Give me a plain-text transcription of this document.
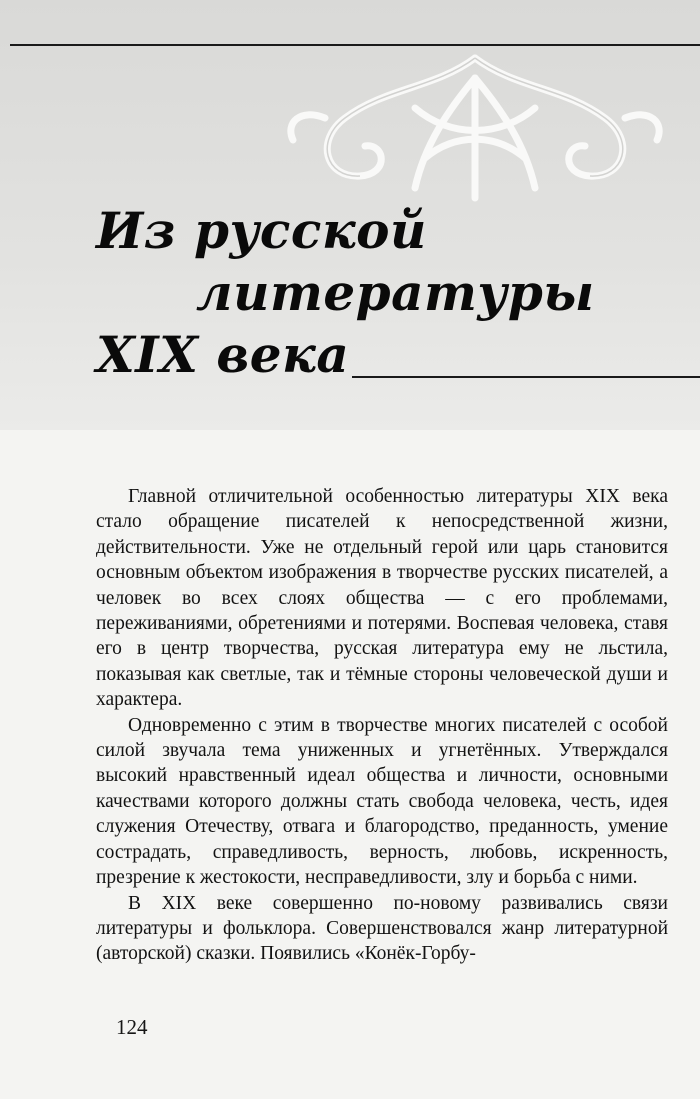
Из русской
литературы
XIX века

Главной отличительной особенностью литературы XIX века стало обращение писателей к непосредственной жизни, действительности. Уже не отдельный герой или царь становится основным объектом изображения в творчестве русских писателей, а человек во всех слоях общества — с его проблемами, переживаниями, обретениями и потерями. Воспевая человека, ставя его в центр творчества, русская литература ему не льстила, показывая как светлые, так и тёмные стороны человеческой души и характера.

Одновременно с этим в творчестве многих писателей с особой силой звучала тема униженных и угнетённых. Утверждался высокий нравственный идеал общества и личности, основными качествами которого должны стать свобода человека, честь, идея служения Отечеству, отвага и благородство, преданность, умение сострадать, справедливость, верность, любовь, искренность, презрение к жестокости, несправедливости, злу и борьба с ними.

В XIX веке совершенно по-новому развивались связи литературы и фольклора. Совершенствовался жанр литературной (авторской) сказки. Появились «Конёк-Горбу-

124
